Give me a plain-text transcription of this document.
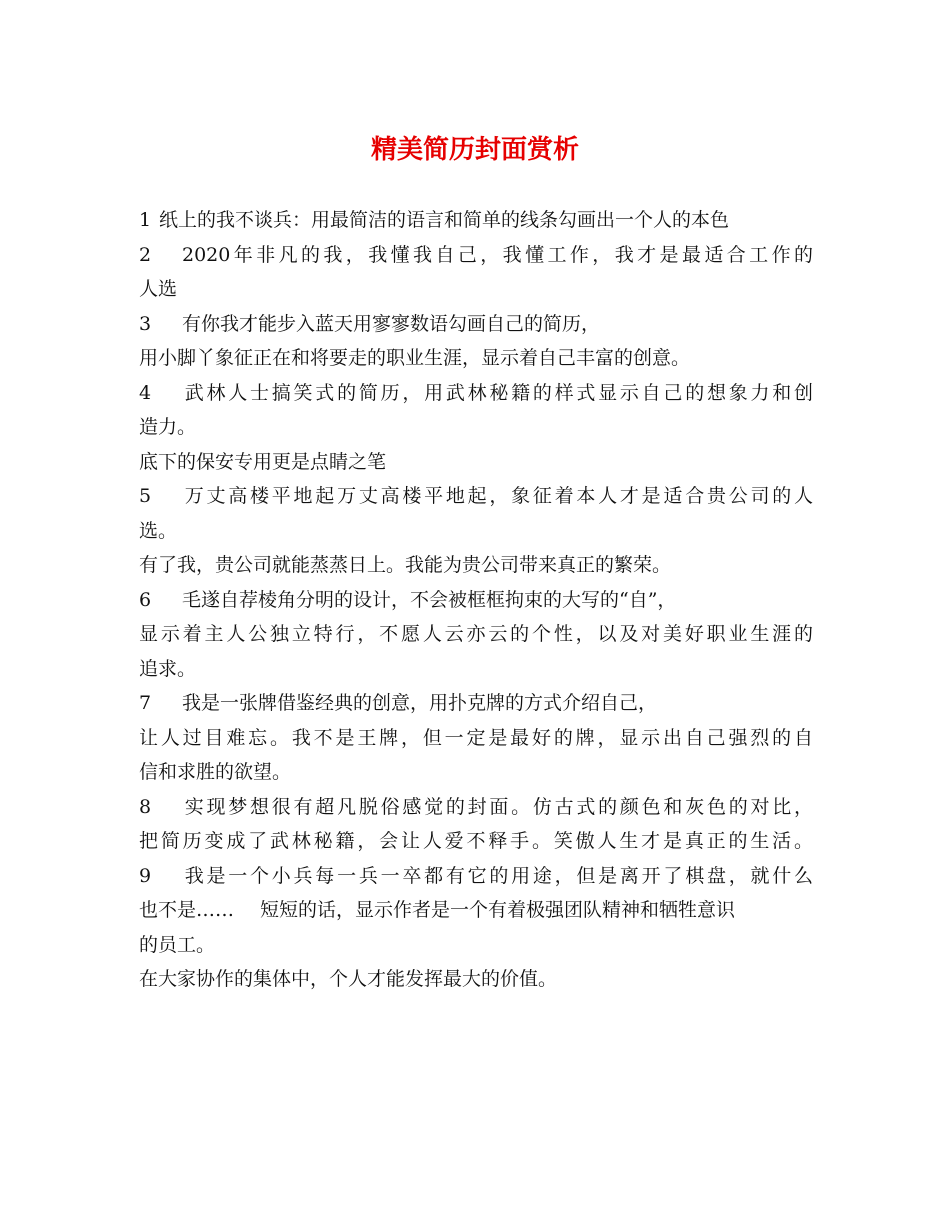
精美简历封面赏析
1 纸上的我不谈兵：用最简洁的语言和简单的线条勾画出一个人的本色
2 2020年非凡的我，我懂我自己，我懂工作，我才是最适合工作的
人选
3 有你我才能步入蓝天用寥寥数语勾画自己的简历，
用小脚丫象征正在和将要走的职业生涯，显示着自己丰富的创意。
4 武林人士搞笑式的简历，用武林秘籍的样式显示自己的想象力和创
造力。
底下的保安专用更是点睛之笔
5 万丈高楼平地起万丈高楼平地起，象征着本人才是适合贵公司的人
选。
有了我，贵公司就能蒸蒸日上。我能为贵公司带来真正的繁荣。
6 毛遂自荐棱角分明的设计，不会被框框拘束的大写的“自”，
显示着主人公独立特行，不愿人云亦云的个性，以及对美好职业生涯的
追求。
7 我是一张牌借鉴经典的创意，用扑克牌的方式介绍自己，
让人过目难忘。我不是王牌，但一定是最好的牌，显示出自己强烈的自
信和求胜的欲望。
8 实现梦想很有超凡脱俗感觉的封面。仿古式的颜色和灰色的对比，
把简历变成了武林秘籍，会让人爱不释手。笑傲人生才是真正的生活。
9 我是一个小兵每一兵一卒都有它的用途，但是离开了棋盘，就什么
也不是…… 短短的话，显示作者是一个有着极强团队精神和牺牲意识
的员工。
在大家协作的集体中，个人才能发挥最大的价值。
